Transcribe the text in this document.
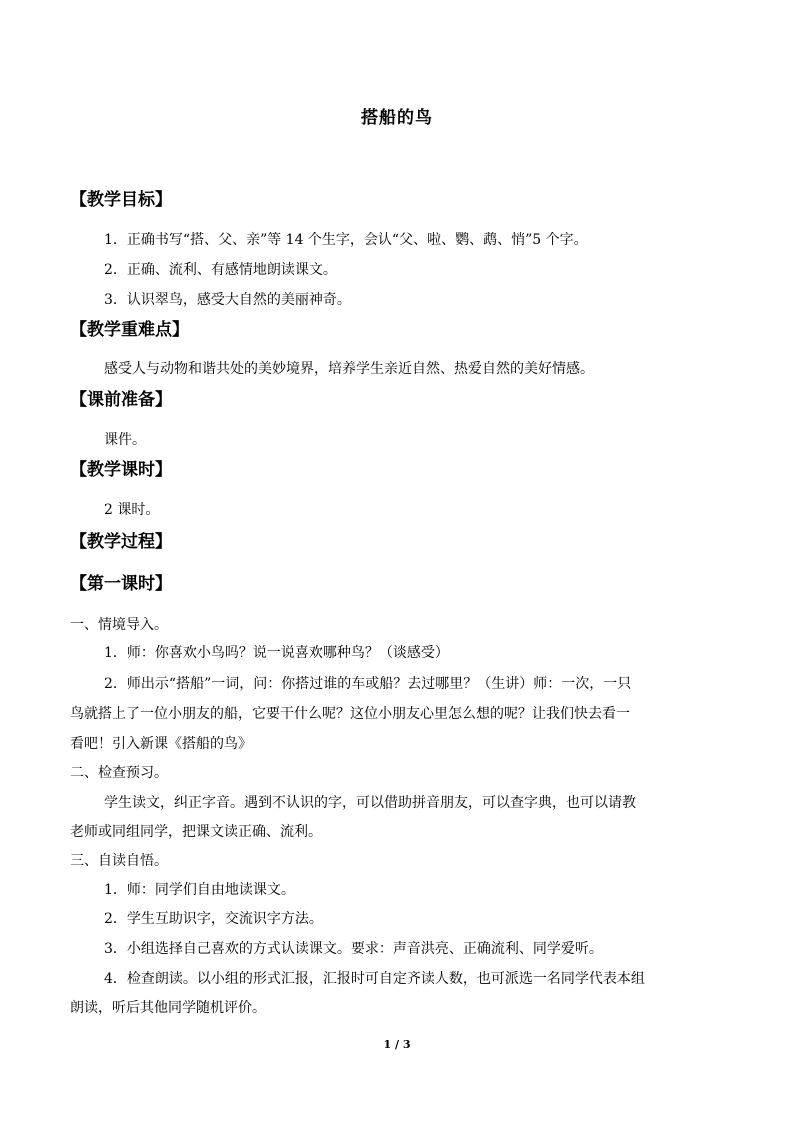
搭船的鸟
【教学目标】
1．正确书写“搭、父、亲”等 14 个生字，会认“父、啦、鹦、鹉、悄”5 个字。
2．正确、流利、有感情地朗读课文。
3．认识翠鸟，感受大自然的美丽神奇。
【教学重难点】
感受人与动物和谐共处的美妙境界，培养学生亲近自然、热爱自然的美好情感。
【课前准备】
课件。
【教学课时】
2 课时。
【教学过程】
【第一课时】
一、情境导入。
1．师：你喜欢小鸟吗？说一说喜欢哪种鸟？（谈感受）
2．师出示“搭船”一词，问：你搭过谁的车或船？去过哪里？（生讲）师：一次，一只
鸟就搭上了一位小朋友的船，它要干什么呢？这位小朋友心里怎么想的呢？让我们快去看一
看吧！引入新课《搭船的鸟》
二、检查预习。
学生读文，纠正字音。遇到不认识的字，可以借助拼音朋友，可以查字典，也可以请教
老师或同组同学，把课文读正确、流利。
三、自读自悟。
1．师：同学们自由地读课文。
2．学生互助识字，交流识字方法。
3．小组选择自己喜欢的方式认读课文。要求：声音洪亮、正确流利、同学爱听。
4．检查朗读。以小组的形式汇报，汇报时可自定齐读人数，也可派选一名同学代表本组
朗读，听后其他同学随机评价。
1 / 3
